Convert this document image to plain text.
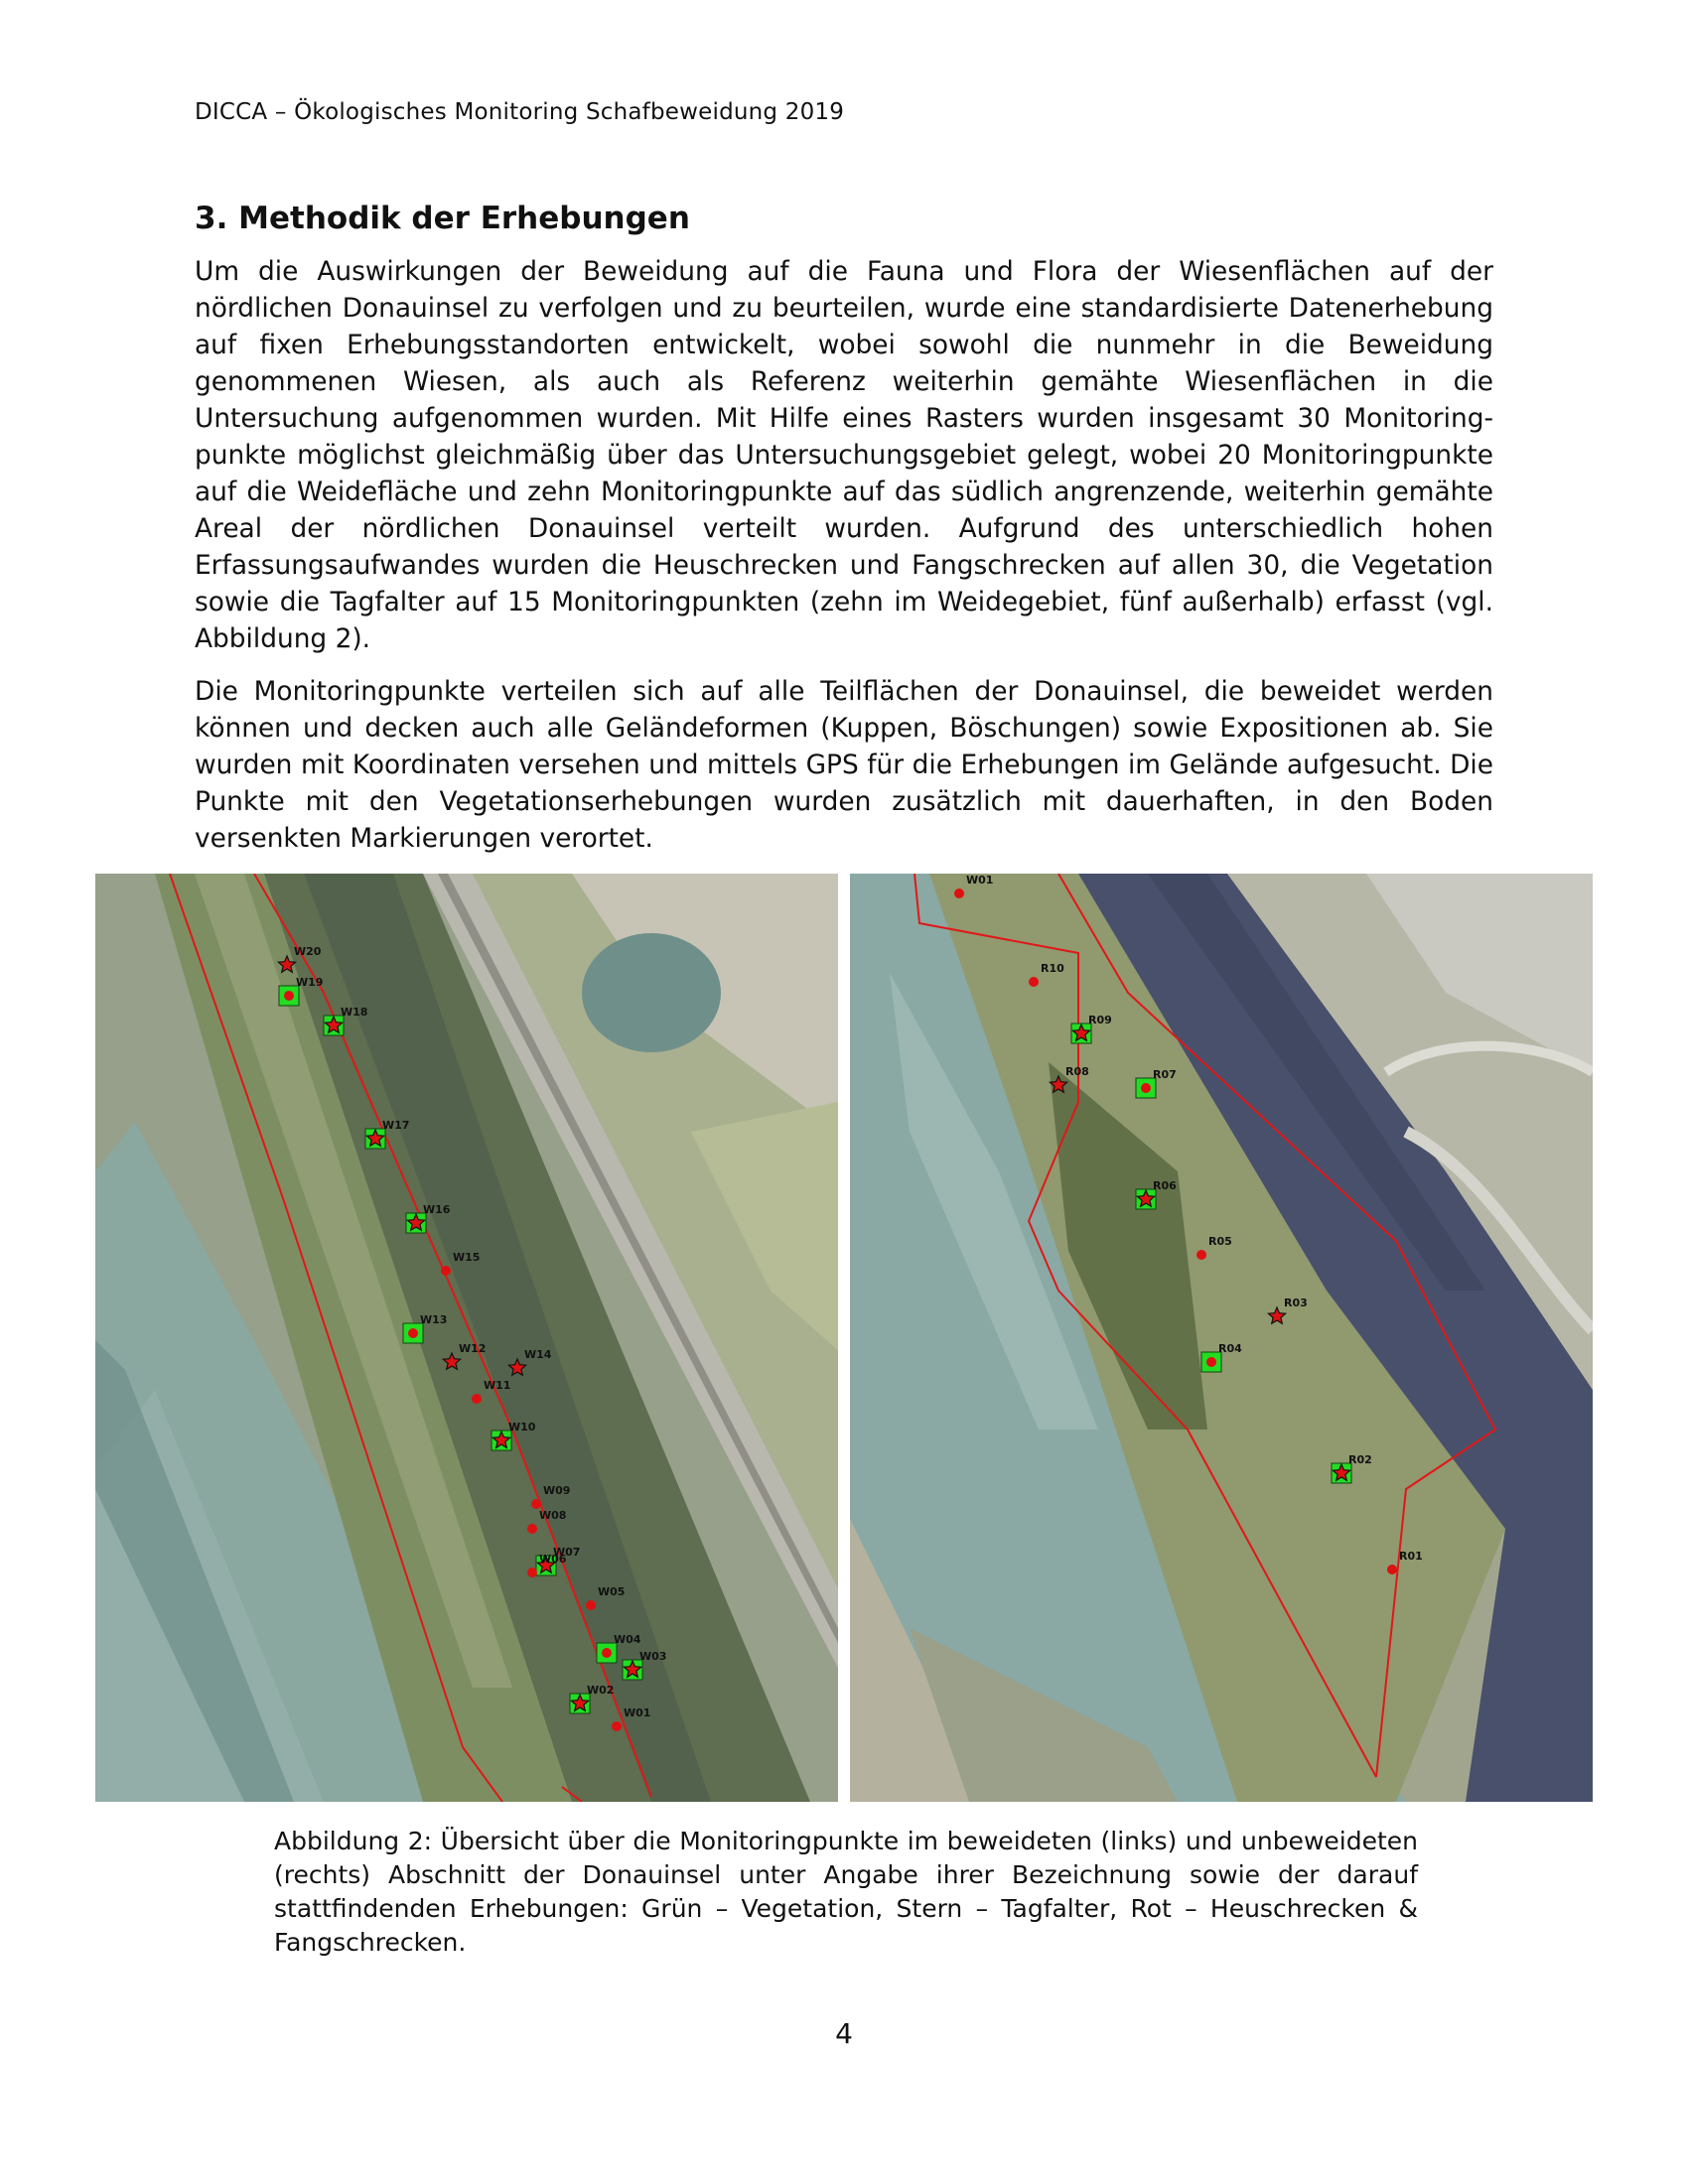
DICCA – Ökologisches Monitoring Schafbeweidung 2019
3. Methodik der Erhebungen

Um die Auswirkungen der Beweidung auf die Fauna und Flora der Wiesenflächen auf der nördlichen Donauinsel zu verfolgen und zu beurteilen, wurde eine standardisierte Datenerhebung auf fixen Erhebungsstandorten entwickelt, wobei sowohl die nunmehr in die Beweidung genommenen Wiesen, als auch als Referenz weiterhin gemähte Wiesenflächen in die Untersuchung aufgenommen wurden. Mit Hilfe eines Rasters wurden insgesamt 30 Monitoring-punkte möglichst gleichmäßig über das Untersuchungsgebiet gelegt, wobei 20 Monitoringpunkte auf die Weidefläche und zehn Monitoringpunkte auf das südlich angrenzende, weiterhin gemähte Areal der nördlichen Donauinsel verteilt wurden. Aufgrund des unterschiedlich hohen Erfassungsaufwandes wurden die Heuschrecken und Fangschrecken auf allen 30, die Vegetation sowie die Tagfalter auf 15 Monitoringpunkten (zehn im Weidegebiet, fünf außerhalb) erfasst (vgl. Abbildung 2).

Die Monitoringpunkte verteilen sich auf alle Teilflächen der Donauinsel, die beweidet werden können und decken auch alle Geländeformen (Kuppen, Böschungen) sowie Expositionen ab. Sie wurden mit Koordinaten versehen und mittels GPS für die Erhebungen im Gelände aufgesucht. Die Punkte mit den Vegetationserhebungen wurden zusätzlich mit dauerhaften, in den Boden versenkten Markierungen verortet.

W20
W19
W18
W17
W16
W15
W13
W12	W14
W11
W10
W09
W08
W07
W06
W05
W04
W03
W02
W01
W01
R10
R09
R08	R07
R06
R05
R03
R04
R02
R01

Abbildung 2: Übersicht über die Monitoringpunkte im beweideten (links) und unbeweideten (rechts) Abschnitt der Donauinsel unter Angabe ihrer Bezeichnung sowie der darauf stattfindenden Erhebungen: Grün – Vegetation, Stern – Tagfalter, Rot – Heuschrecken & Fangschrecken.

4
